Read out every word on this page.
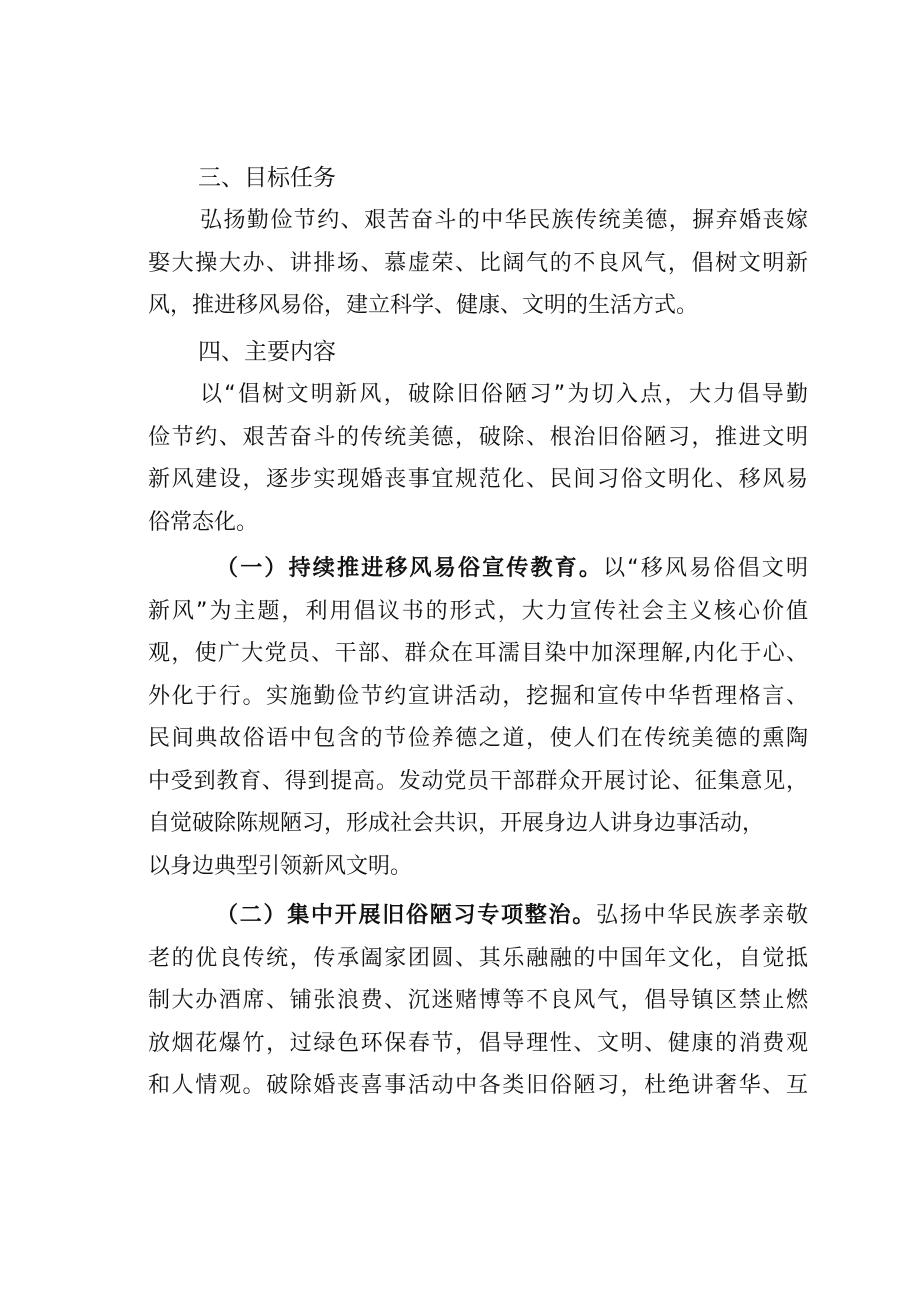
三、目标任务
弘扬勤俭节约、艰苦奋斗的中华民族传统美德，摒弃婚丧嫁
娶大操大办、讲排场、慕虚荣、比阔气的不良风气，倡树文明新
风，推进移风易俗，建立科学、健康、文明的生活方式。
四、主要内容
以“倡树文明新风，破除旧俗陋习”为切入点，大力倡导勤
俭节约、艰苦奋斗的传统美德，破除、根治旧俗陋习，推进文明
新风建设，逐步实现婚丧事宜规范化、民间习俗文明化、移风易
俗常态化。
（一）持续推进移风易俗宣传教育。以“移风易俗倡文明
新风”为主题，利用倡议书的形式，大力宣传社会主义核心价值
观，使广大党员、干部、群众在耳濡目染中加深理解,内化于心、
外化于行。实施勤俭节约宣讲活动，挖掘和宣传中华哲理格言、
民间典故俗语中包含的节俭养德之道，使人们在传统美德的熏陶
中受到教育、得到提高。发动党员干部群众开展讨论、征集意见，
自觉破除陈规陋习，形成社会共识，开展身边人讲身边事活动，
以身边典型引领新风文明。
（二）集中开展旧俗陋习专项整治。弘扬中华民族孝亲敬
老的优良传统，传承阖家团圆、其乐融融的中国年文化，自觉抵
制大办酒席、铺张浪费、沉迷赌博等不良风气，倡导镇区禁止燃
放烟花爆竹，过绿色环保春节，倡导理性、文明、健康的消费观
和人情观。破除婚丧喜事活动中各类旧俗陋习，杜绝讲奢华、互
